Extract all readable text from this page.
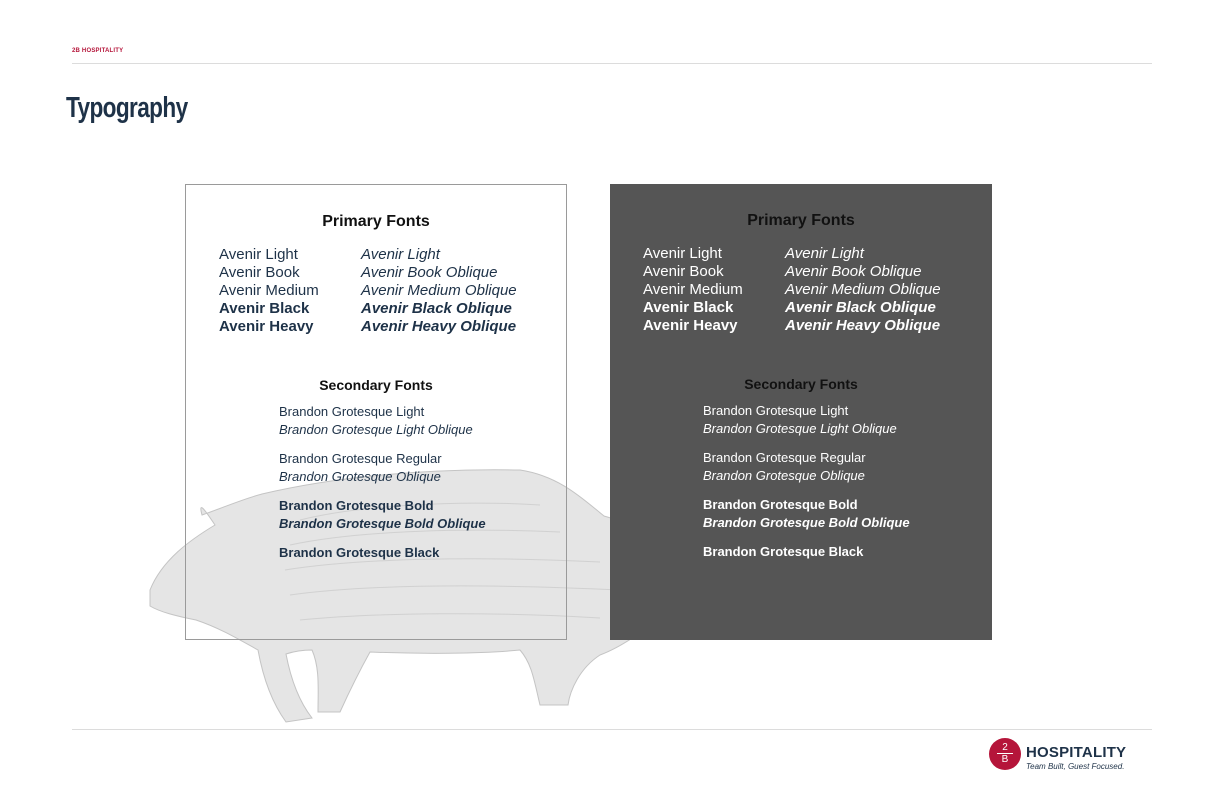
2B HOSPITALITY
Typography
Primary Fonts
Avenir Light
Avenir Book
Avenir Medium
Avenir Black
Avenir Heavy
Avenir Light
Avenir Book Oblique
Avenir Medium Oblique
Avenir Black Oblique
Avenir Heavy Oblique
Secondary Fonts
Brandon Grotesque Light
Brandon Grotesque Light Oblique
Brandon Grotesque Regular
Brandon Grotesque Oblique
Brandon Grotesque Bold
Brandon Grotesque Bold Oblique
Brandon Grotesque Black
Primary Fonts
Avenir Light
Avenir Book
Avenir Medium
Avenir Black
Avenir Heavy
Avenir Light
Avenir Book Oblique
Avenir Medium Oblique
Avenir Black Oblique
Avenir Heavy Oblique
Secondary Fonts
Brandon Grotesque Light
Brandon Grotesque Light Oblique
Brandon Grotesque Regular
Brandon Grotesque Oblique
Brandon Grotesque Bold
Brandon Grotesque Bold Oblique
Brandon Grotesque Black
2
B	HOSPITALITY
Team Built, Guest Focused.
